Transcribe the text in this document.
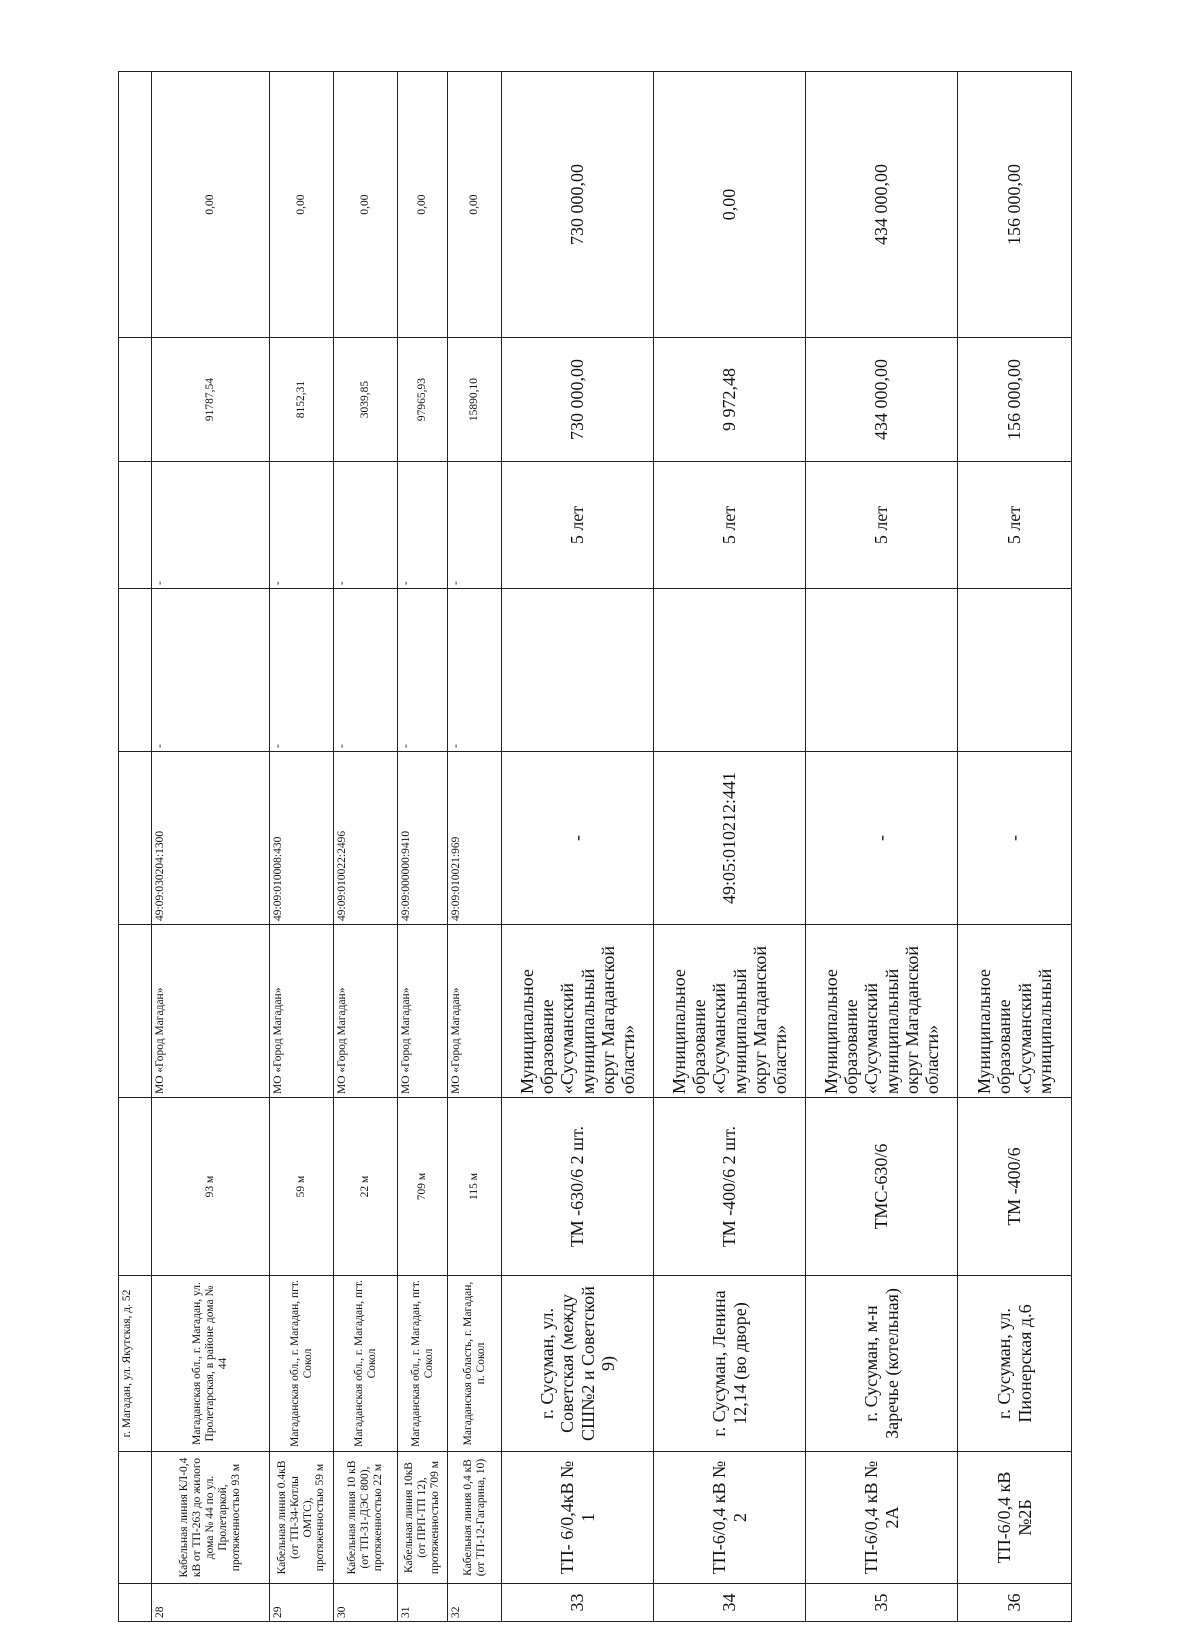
		г. Магадан, ул. Якутская, д. 52							
28	Кабельная линия КЛ-0,4 кВ от ТП-263 до жилого дома № 44 по ул. Пролетаркой, протяженностью 93 м	Магаданская обл., г. Магадан, ул. Пролетарская, в районе дома № 44	93 м	МО «Город Магадан»	49:09:030204:1300	-	-	91787,54	0,00
29	Кабельная линия 0.4кВ (от ТП-34-Котлы ОМТС), протяженностью 59 м	Магаданская обл., г. Магадан, пгт. Сокол	59 м	МО «Город Магадан»	49:09:010008:430	-	-	8152,31	0,00
30	Кабельная линия 10 кВ (от ТП-31-ДЭС 800), протяженностью 22 м	Магаданская обл., г. Магадан, пгт. Сокол	22 м	МО «Город Магадан»	49:09:010022:2496	-	-	3039,85	0,00
31	Кабельная линия 10кВ (от ПРП-ТП 12), протяженностью 709 м	Магаданская обл., г. Магадан, пгт. Сокол	709 м	МО «Город Магадан»	49:09:000000:9410	-	-	97965,93	0,00
32	Кабельная линия 0,4 кВ (от ТП-12-Гагарина, 10)	Магаданская область, г. Магадан, п. Сокол	115 м	МО «Город Магадан»	49:09:010021:969	-	-	15890,10	0,00
33	ТП- 6/0,4кВ № 1	г. Сусуман, ул. Советская (между СШ№2 и Советской 9)	ТМ -630/6 2 шт.	Муниципальное образование «Сусуманский муниципальный округ Магаданской области»	-		5 лет	730 000,00	730 000,00
34	ТП-6/0,4 кВ № 2	г. Сусуман, Ленина 12,14 (во дворе)	ТМ -400/6 2 шт.	Муниципальное образование «Сусуманский муниципальный округ Магаданской области»	49:05:010212:441		5 лет	9 972,48	0,00
35	ТП-6/0,4 кВ № 2А	г. Сусуман, м-н Заречье (котельная)	ТМС-630/6	Муниципальное образование «Сусуманский муниципальный округ Магаданской области»	-		5 лет	434 000,00	434 000,00
36	ТП-6/0,4 кВ №2Б	г. Сусуман, ул. Пионерская д.6	ТМ -400/6	Муниципальное образование «Сусуманский муниципальный	-		5 лет	156 000,00	156 000,00
